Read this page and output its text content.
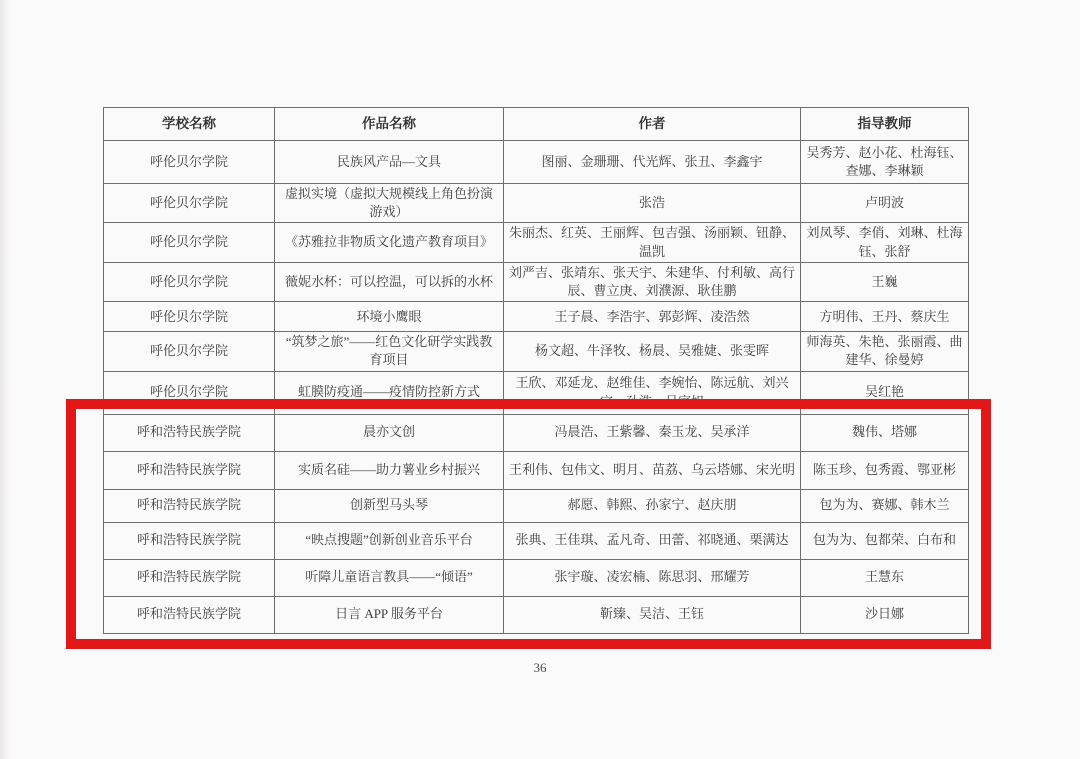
学校名称	作品名称	作者	指导教师
呼伦贝尔学院	民族风产品—文具	图丽、金珊珊、代光辉、张丑、李鑫宇	吴秀芳、赵小花、杜海钰、查娜、李琳颖
呼伦贝尔学院	虚拟实境（虚拟大规模线上角色扮演游戏）	张浩	卢明波
呼伦贝尔学院	《苏雅拉非物质文化遗产教育项目》	朱丽杰、红英、王丽辉、包吉强、汤丽颖、钮静、温凯	刘凤琴、李俏、刘琳、杜海钰、张舒
呼伦贝尔学院	薇妮水杯：可以控温，可以拆的水杯	刘严吉、张靖东、张天宇、朱建华、付利敏、高行辰、曹立庚、刘濮源、耿佳鹏	王巍
呼伦贝尔学院	环境小鹰眼	王子晨、李浩宇、郭彭辉、凌浩然	方明伟、王丹、蔡庆生
呼伦贝尔学院	“筑梦之旅”——红色文化研学实践教育项目	杨文超、牛泽牧、杨晨、吴雅婕、张雯晖	师海英、朱艳、张丽霞、曲建华、徐曼婷
呼伦贝尔学院	虹膜防疫通——疫情防控新方式	王欣、邓延龙、赵维佳、李婉怡、陈远航、刘兴宇、孙浩、吕家旭	吴红艳
呼和浩特民族学院	晨亦文创	冯晨浩、王紫馨、秦玉龙、吴承洋	魏伟、塔娜
呼和浩特民族学院	实质名硅——助力薯业乡村振兴	王利伟、包伟文、明月、苗荔、乌云塔娜、宋光明	陈玉珍、包秀霞、鄂亚彬
呼和浩特民族学院	创新型马头琴	郝愿、韩熙、孙家宁、赵庆朋	包为为、赛娜、韩木兰
呼和浩特民族学院	“映点搜题”创新创业音乐平台	张典、王佳琪、孟凡奇、田蕾、祁晓通、栗满达	包为为、包都荣、白布和
呼和浩特民族学院	听障儿童语言教具——“倾语”	张宇璇、凌宏楠、陈思羽、邢耀芳	王慧东
呼和浩特民族学院	日言 APP 服务平台	靳臻、吴洁、王钰	沙日娜
36
